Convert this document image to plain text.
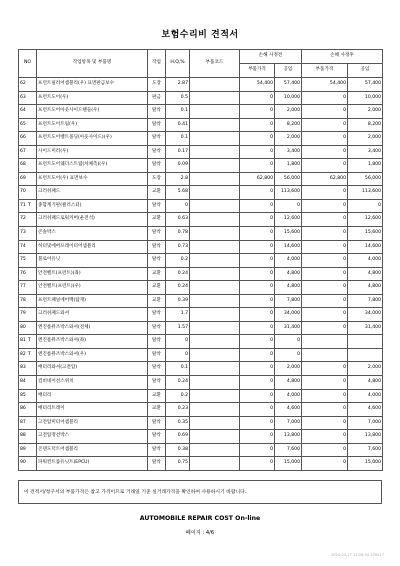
보험수리비 견적서
NO	작업항목 및 부품명	작업	H,Q,%	부품코드	손해 사정전		손해 사정후	
					부품가격	공임	부품가격	공임
62	프런트필러어셈블리(우) 표면판금보수	도장	2.87		54,400	57,400	54,400	57,400
63	프런트도어(우)	판금	0.5		0	10,000	0	10,000
64	프런트도어아웃사이드핸들(우)	탈착	0.1		0	2,000	0	2,000
65	프런트도어트림(우)	탈착	0.41		0	8,200	0	8,200
66	프런트도어벨트몰딩(아웃사이드)(우)	탈착	0.1		0	2,000	0	2,000
67	사이드미러(우)	탈착	0.17		0	3,400	0	3,400
68	프런트도어웨더스트립(차체측)(우)	탈착	0.09		0	1,800	0	1,800
69	프런트도어(우) 표면보수	도장	2.8		62,800	56,000	62,800	56,000
70	크러쉬패드	교환	5.68		0	113,600	0	113,600
71 T	종합계기판(클러스터)	탈착	0		0	0	0	0
72	크러쉬패드로워커버(운전석)	교환	0.63		0	12,600	0	12,600
73	콘솔박스	탈착	0.78		0	15,600	0	15,600
74	히터및에버포레이터어셈블리	탈착	0.73		0	14,600	0	14,600
75	블로어유닛	탈착	0.2		0	4,000	0	4,000
76	안전벨트(프런트)(좌)	교환	0.24		0	4,800	0	4,800
77	안전벨트(프런트)(우)	교환	0.24		0	4,800	0	4,800
78	프런트패널에어백(탑재)	교환	0.39		0	7,800	0	7,800
79	크러쉬패드와셔	탈착	1.7		0	34,000	0	34,000
80	엔진룸퓨즈박스와셔(전체)	탈착	1.57		0	31,400	0	31,400
81 T	엔진룸퓨즈박스와셔(좌)	탈착	0		0	0		
82 T	엔진룸퓨즈박스와셔(우)	탈착	0		0	0		
83	배터리와셔(고전압)	탈착	0.1		0	2,000	0	2,000
84	컴비네이션스위치	탈착	0.24		0	4,800	0	4,800
85	배터리	교환	0.2		0	4,000	0	4,000
86	배터리트레이	교환	0.23		0	4,600	0	4,600
87	고전압미터어셈블리	탈착	0.35		0	7,000	0	7,000
88	고전압정션박스	탈착	0.69		0	13,800	0	13,800
89	콘덴도덕트어셈블리	탈착	0.38		0	7,600	0	7,600
90	파워컨트롤유닛트(EPCU)	탈착	0.75		0	15,000	0	15,000
이 견적서/청구서의 부품가격은 참고 가격이므로 거래일 기준 실거래가격을 확인하여 사용하시기 바랍니다.
AUTOMOBILE REPAIR COST On-line
페이지 : 4/6
2024-03-17 11:26:54 370017
